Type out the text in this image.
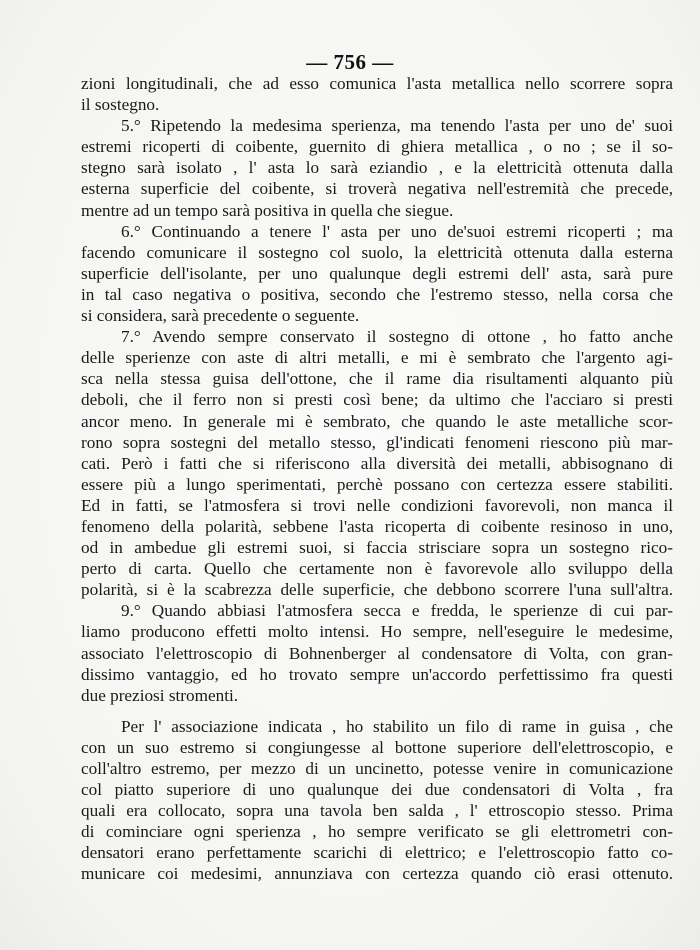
— 756 —
zioni longitudinali, che ad esso comunica l'asta metallica nello scorrere sopra
il sostegno.
5.° Ripetendo la medesima sperienza, ma tenendo l'asta per uno de' suoi
estremi ricoperti di coibente, guernito di ghiera metallica , o no ; se il so-
stegno sarà isolato , l' asta lo sarà eziandio , e la elettricità ottenuta dalla
esterna superficie del coibente, si troverà negativa nell'estremità che precede,
mentre ad un tempo sarà positiva in quella che siegue.
6.° Continuando a tenere l' asta per uno de'suoi estremi ricoperti ; ma
facendo comunicare il sostegno col suolo, la elettricità ottenuta dalla esterna
superficie dell'isolante, per uno qualunque degli estremi dell' asta, sarà pure
in tal caso negativa o positiva, secondo che l'estremo stesso, nella corsa che
si considera, sarà precedente o seguente.
7.° Avendo sempre conservato il sostegno di ottone , ho fatto anche
delle sperienze con aste di altri metalli, e mi è sembrato che l'argento agi-
sca nella stessa guisa dell'ottone, che il rame dia risultamenti alquanto più
deboli, che il ferro non si presti così bene; da ultimo che l'acciaro si presti
ancor meno. In generale mi è sembrato, che quando le aste metalliche scor-
rono sopra sostegni del metallo stesso, gl'indicati fenomeni riescono più mar-
cati. Però i fatti che si riferiscono alla diversità dei metalli, abbisognano di
essere più a lungo sperimentati, perchè possano con certezza essere stabiliti.
Ed in fatti, se l'atmosfera si trovi nelle condizioni favorevoli, non manca il
fenomeno della polarità, sebbene l'asta ricoperta di coibente resinoso in uno,
od in ambedue gli estremi suoi, si faccia strisciare sopra un sostegno rico-
perto di carta. Quello che certamente non è favorevole allo sviluppo della
polarità, si è la scabrezza delle superficie, che debbono scorrere l'una sull'altra.
9.° Quando abbiasi l'atmosfera secca e fredda, le sperienze di cui par-
liamo producono effetti molto intensi. Ho sempre, nell'eseguire le medesime,
associato l'elettroscopio di Bohnenberger al condensatore di Volta, con gran-
dissimo vantaggio, ed ho trovato sempre un'accordo perfettissimo fra questi
due preziosi stromenti.
Per l' associazione indicata , ho stabilito un filo di rame in guisa , che
con un suo estremo si congiungesse al bottone superiore dell'elettroscopio, e
coll'altro estremo, per mezzo di un uncinetto, potesse venire in comunicazione
col piatto superiore di uno qualunque dei due condensatori di Volta , fra
quali era collocato, sopra una tavola ben salda , l' ettroscopio stesso. Prima
di cominciare ogni sperienza , ho sempre verificato se gli elettrometri con-
densatori erano perfettamente scarichi di elettrico; e l'elettroscopio fatto co-
municare coi medesimi, annunziava con certezza quando ciò erasi ottenuto.
